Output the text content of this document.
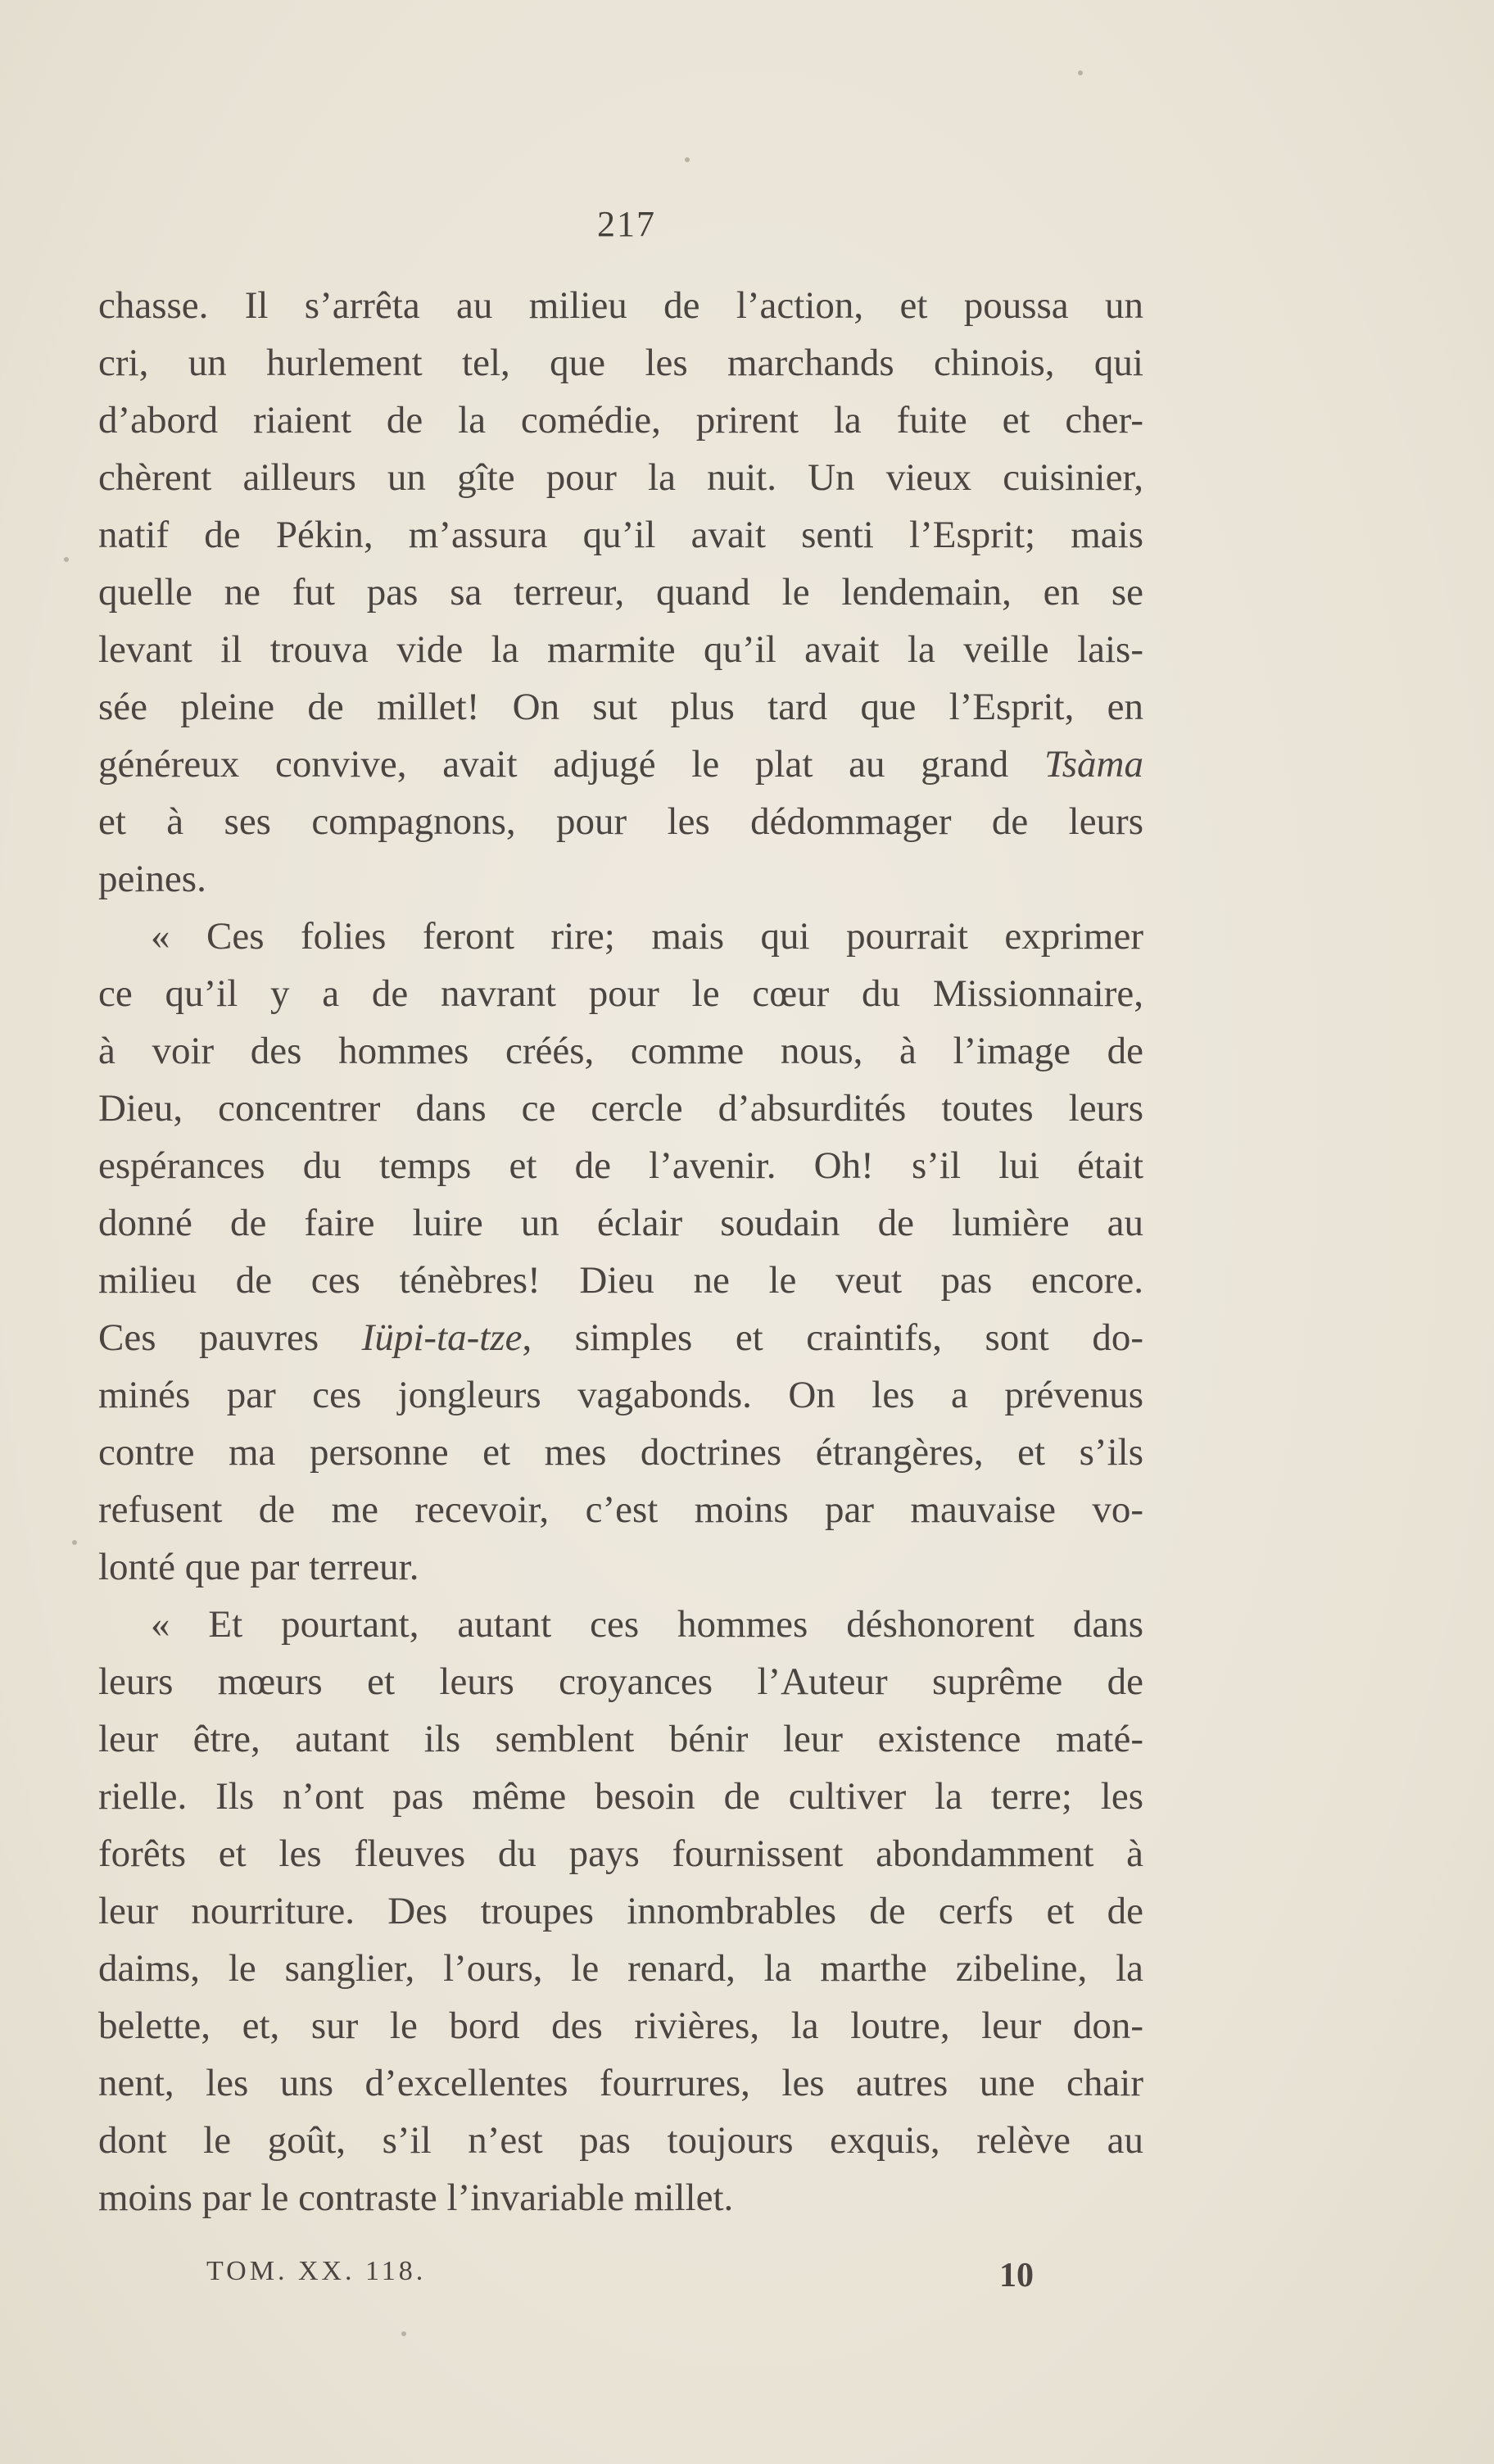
217
chasse. Il s’arrêta au milieu de l’action, et poussa un
cri, un hurlement tel, que les marchands chinois, qui
d’abord riaient de la comédie, prirent la fuite et cher-
chèrent ailleurs un gîte pour la nuit. Un vieux cuisinier,
natif de Pékin, m’assura qu’il avait senti l’Esprit; mais
quelle ne fut pas sa terreur, quand le lendemain, en se
levant il trouva vide la marmite qu’il avait la veille lais-
sée pleine de millet! On sut plus tard que l’Esprit, en
généreux convive, avait adjugé le plat au grand Tsàma
et à ses compagnons, pour les dédommager de leurs
peines.
« Ces folies feront rire; mais qui pourrait exprimer
ce qu’il y a de navrant pour le cœur du Missionnaire,
à voir des hommes créés, comme nous, à l’image de
Dieu, concentrer dans ce cercle d’absurdités toutes leurs
espérances du temps et de l’avenir. Oh! s’il lui était
donné de faire luire un éclair soudain de lumière au
milieu de ces ténèbres! Dieu ne le veut pas encore.
Ces pauvres Iüpi-ta-tze, simples et craintifs, sont do-
minés par ces jongleurs vagabonds. On les a prévenus
contre ma personne et mes doctrines étrangères, et s’ils
refusent de me recevoir, c’est moins par mauvaise vo-
lonté que par terreur.
« Et pourtant, autant ces hommes déshonorent dans
leurs mœurs et leurs croyances l’Auteur suprême de
leur être, autant ils semblent bénir leur existence maté-
rielle. Ils n’ont pas même besoin de cultiver la terre; les
forêts et les fleuves du pays fournissent abondamment à
leur nourriture. Des troupes innombrables de cerfs et de
daims, le sanglier, l’ours, le renard, la marthe zibeline, la
belette, et, sur le bord des rivières, la loutre, leur don-
nent, les uns d’excellentes fourrures, les autres une chair
dont le goût, s’il n’est pas toujours exquis, relève au
moins par le contraste l’invariable millet.
TOM. XX. 118.	10
